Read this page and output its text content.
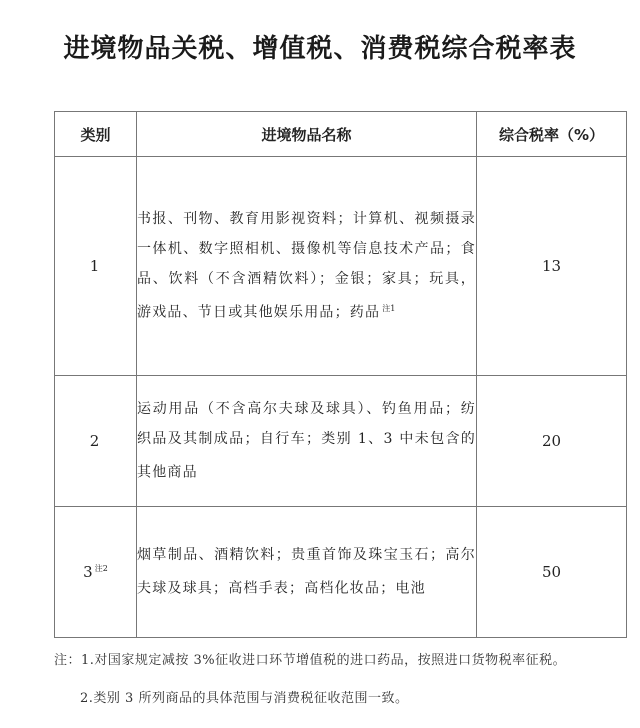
进境物品关税、增值税、消费税综合税率表
类别	进境物品名称	综合税率（%）
1	书报、刊物、教育用影视资料；计算机、视频摄录一体机、数字照相机、摄像机等信息技术产品；食品、饮料（不含酒精饮料）；金银；家具；玩具，游戏品、节日或其他娱乐用品；药品 $^{注1}$	13
2	运动用品（不含高尔夫球及球具）、钓鱼用品；纺织品及其制成品；自行车；类别 1、3 中未包含的其他商品	20
3 $^{注2}$	烟草制品、酒精饮料；贵重首饰及珠宝玉石；高尔夫球及球具；高档手表；高档化妆品；电池	50
注：1.对国家规定减按 3%征收进口环节增值税的进口药品，按照进口货物税率征税。
2.类别 3 所列商品的具体范围与消费税征收范围一致。
